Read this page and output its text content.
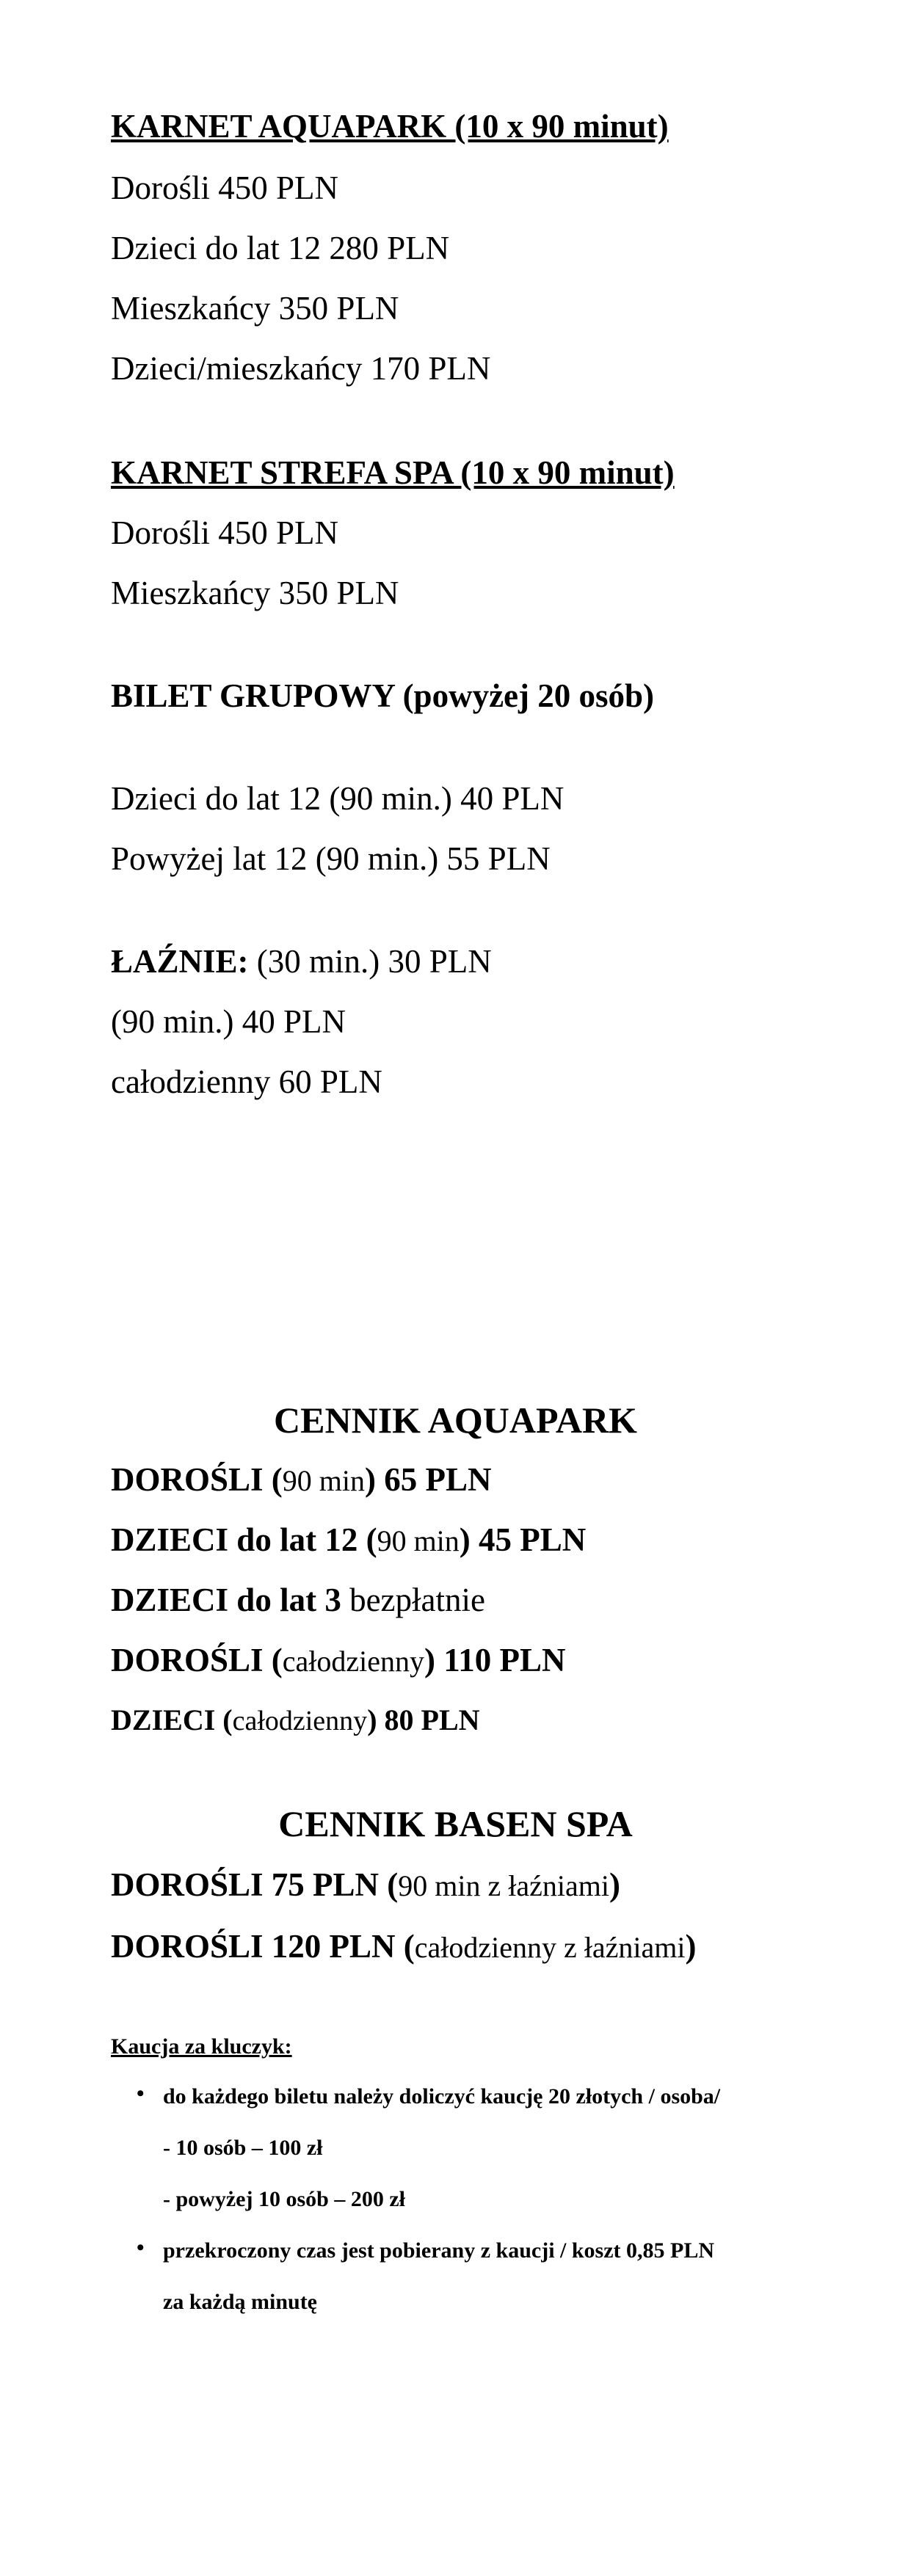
KARNET AQUAPARK (10 x 90 minut)
Dorośli 450 PLN
Dzieci do lat 12 280 PLN
Mieszkańcy 350 PLN
Dzieci/mieszkańcy 170 PLN
KARNET STREFA SPA (10 x 90 minut)
Dorośli 450 PLN
Mieszkańcy 350 PLN
BILET GRUPOWY (powyżej 20 osób)
Dzieci do lat 12 (90 min.) 40 PLN
Powyżej lat 12 (90 min.) 55 PLN
ŁAŹNIE: (30 min.) 30 PLN
(90 min.) 40 PLN
całodzienny 60 PLN
CENNIK AQUAPARK
DOROŚLI (90 min) 65 PLN
DZIECI do lat 12 (90 min) 45 PLN
DZIECI do lat 3 bezpłatnie
DOROŚLI (całodzienny) 110 PLN
DZIECI (całodzienny) 80 PLN
CENNIK BASEN SPA
DOROŚLI 75 PLN (90 min z łaźniami)
DOROŚLI 120 PLN (całodzienny z łaźniami)
Kaucja za kluczyk:
• do każdego biletu należy doliczyć kaucję 20 złotych / osoba/
- 10 osób – 100 zł
- powyżej 10 osób – 200 zł
• przekroczony czas jest pobierany z kaucji / koszt 0,85 PLN
za każdą minutę
